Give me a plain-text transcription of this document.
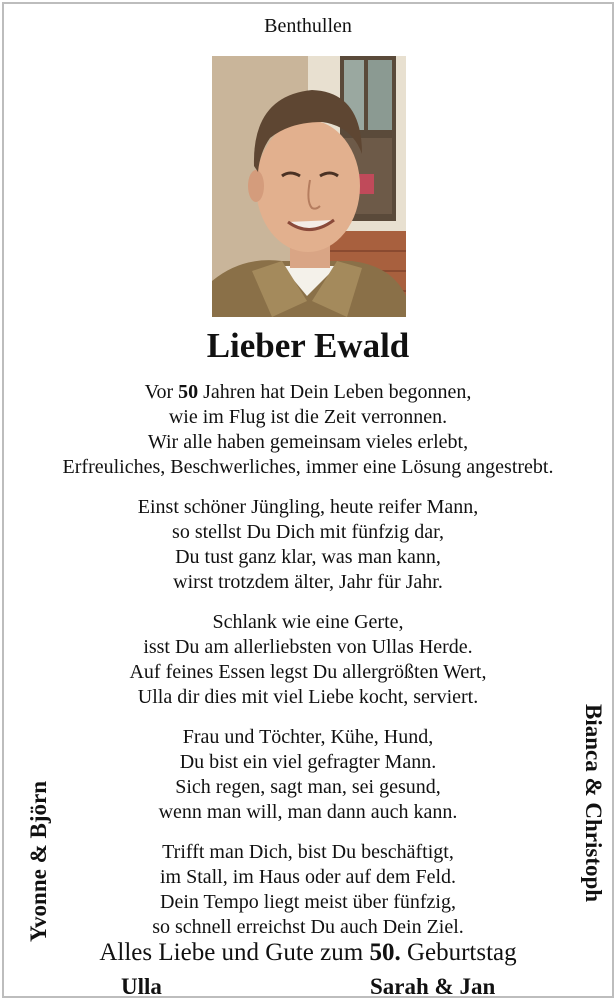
Benthullen
Lieber Ewald
Vor 50 Jahren hat Dein Leben begonnen,
wie im Flug ist die Zeit verronnen.
Wir alle haben gemeinsam vieles erlebt,
Erfreuliches, Beschwerliches, immer eine Lösung angestrebt.
Einst schöner Jüngling, heute reifer Mann,
so stellst Du Dich mit fünfzig dar,
Du tust ganz klar, was man kann,
wirst trotzdem älter, Jahr für Jahr.
Schlank wie eine Gerte,
isst Du am allerliebsten von Ullas Herde.
Auf feines Essen legst Du allergrößten Wert,
Ulla dir dies mit viel Liebe kocht, serviert.
Frau und Töchter, Kühe, Hund,
Du bist ein viel gefragter Mann.
Sich regen, sagt man, sei gesund,
wenn man will, man dann auch kann.
Trifft man Dich, bist Du beschäftigt,
im Stall, im Haus oder auf dem Feld.
Dein Tempo liegt meist über fünfzig,
so schnell erreichst Du auch Dein Ziel.
Yvonne & Björn	Bianca & Christoph
Alles Liebe und Gute zum 50. Geburtstag
Ulla	Sarah & Jan
